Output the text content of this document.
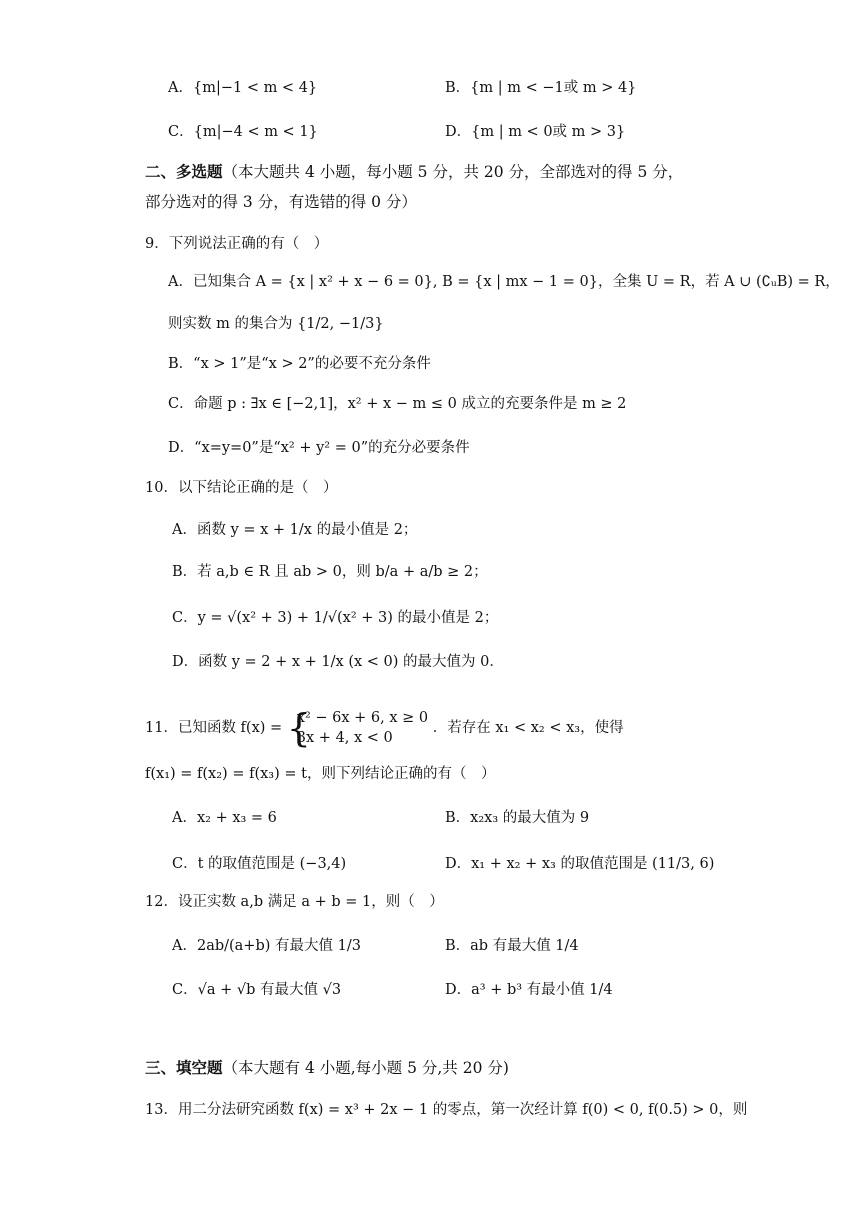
A．{m|−1 < m < 4}	B．{m | m < −1或 m > 4}
C．{m|−4 < m < 1}	D．{m | m < 0或 m > 3}
二、多选题（本大题共 4 小题，每小题 5 分，共 20 分，全部选对的得 5 分，
部分选对的得 3 分，有选错的得 0 分）
9．下列说法正确的有（　）
A．已知集合 A = {x | x² + x − 6 = 0}, B = {x | mx − 1 = 0}，全集 U = R，若 A ∪ (∁ᵤB) = R，
则实数 m 的集合为 {1/2, −1/3}
B．“x > 1”是“x > 2”的必要不充分条件
C．命题 p : ∃x ∈ [−2,1]，x² + x − m ≤ 0 成立的充要条件是 m ≥ 2
D．“x=y=0”是“x² + y² = 0”的充分必要条件
10．以下结论正确的是（　）
A．函数 y = x + 1/x 的最小值是 2；
B．若 a,b ∈ R 且 ab > 0，则 b/a + a/b ≥ 2；
C．y = √(x² + 3) + 1/√(x² + 3) 的最小值是 2；
D．函数 y = 2 + x + 1/x (x < 0) 的最大值为 0．
11．已知函数 f(x) = {
x² − 6x + 6, x ≥ 0
3x + 4, x < 0
．若存在 x₁ < x₂ < x₃，使得
f(x₁) = f(x₂) = f(x₃) = t，则下列结论正确的有（　）
A．x₂ + x₃ = 6	B．x₂x₃ 的最大值为 9
C．t 的取值范围是 (−3,4)	D．x₁ + x₂ + x₃ 的取值范围是 (11/3, 6)
12．设正实数 a,b 满足 a + b = 1，则（　）
A．2ab/(a+b) 有最大值 1/3	B．ab 有最大值 1/4
C．√a + √b 有最大值 √3	D．a³ + b³ 有最小值 1/4
三、填空题（本大题有 4 小题,每小题 5 分,共 20 分)
13．用二分法研究函数 f(x) = x³ + 2x − 1 的零点，第一次经计算 f(0) < 0, f(0.5) > 0，则
